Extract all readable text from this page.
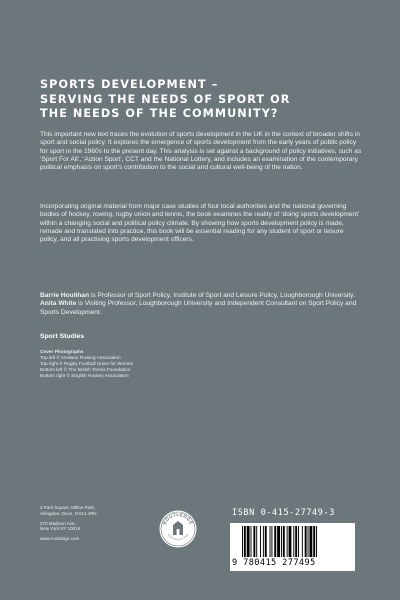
SPORTS DEVELOPMENT –
SERVING THE NEEDS OF SPORT OR
THE NEEDS OF THE COMMUNITY?

This important new text traces the evolution of sports development in the UK in the context of broader shifts in sport and social policy. It explores the emergence of sports development from the early years of public policy for sport in the 1960s to the present day. This analysis is set against a background of policy initiatives, such as ‘Sport For All’, ‘Action Sport’, CCT and the National Lottery, and includes an examination of the contemporary political emphasis on sport's contribution to the social and cultural well-being of the nation.

Incorporating original material from major case studies of four local authorities and the national governing bodies of hockey, rowing, rugby union and tennis, the book examines the reality of ‘doing sports development’ within a changing social and political policy climate. By showing how sports development policy is made, remade and translated into practice, this book will be essential reading for any student of sport or leisure policy, and all practising sports development officers.

Barrie Houlihan is Professor of Sport Policy, Institute of Sport and Leisure Policy, Loughborough University. Anita White is Visiting Professor, Loughborough University and Independent Consultant on Sport Policy and Sports Development.

Sport Studies
Cover Photographs
Top left © Amateur Rowing Association
Top right © Rugby Football Union for Women
Bottom left © The British Tennis Foundation
Bottom right © English Hockey Association
2 Park Square, Milton Park,
Abingdon, Oxon, OX14 4RN
270 Madison Ave,
New York NY 10016
www.routledge.com
ROUTLEDGE
Taylor & Francis Group
ISBN 0-415-27749-3
9 780415 277495
